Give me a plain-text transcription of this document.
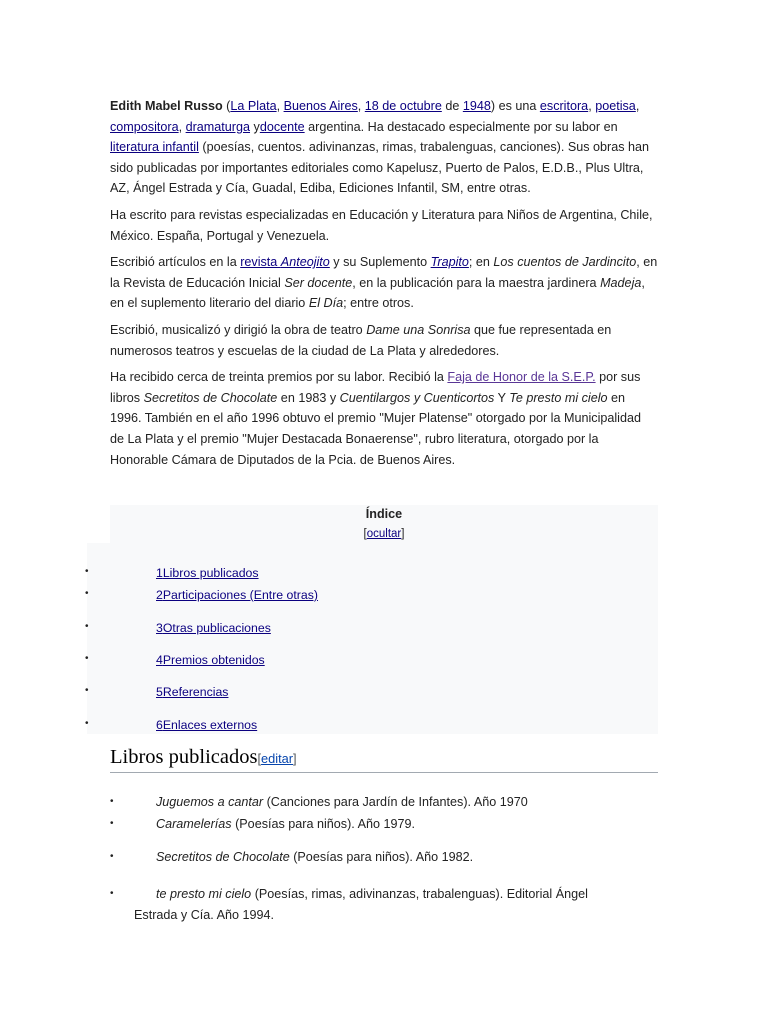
Edith Mabel Russo (La Plata, Buenos Aires, 18 de octubre de 1948) es una escritora, poetisa, compositora, dramaturga ydocente argentina. Ha destacado especialmente por su labor en literatura infantil (poesías, cuentos. adivinanzas, rimas, trabalenguas, canciones). Sus obras han sido publicadas por importantes editoriales como Kapelusz, Puerto de Palos, E.D.B., Plus Ultra, AZ, Ángel Estrada y Cía, Guadal, Ediba, Ediciones Infantil, SM, entre otras.

Ha escrito para revistas especializadas en Educación y Literatura para Niños de Argentina, Chile, México. España, Portugal y Venezuela.

Escribió artículos en la revista Anteojito y su Suplemento Trapito; en Los cuentos de Jardincito, en la Revista de Educación Inicial Ser docente, en la publicación para la maestra jardinera Madeja, en el suplemento literario del diario El Día; entre otros.

Escribió, musicalizó y dirigió la obra de teatro Dame una Sonrisa que fue representada en numerosos teatros y escuelas de la ciudad de La Plata y alrededores.

Ha recibido cerca de treinta premios por su labor. Recibió la Faja de Honor de la S.E.P. por sus libros Secretitos de Chocolate en 1983 y Cuentilargos y Cuenticortos Y Te presto mi cielo en 1996. También en el año 1996 obtuvo el premio "Mujer Platense" otorgado por la Municipalidad de La Plata y el premio "Mujer Destacada Bonaerense", rubro literatura, otorgado por la Honorable Cámara de Diputados de la Pcia. de Buenos Aires.

Índice
[ocultar]
•	1Libros publicados
•	2Participaciones (Entre otras)
•	3Otras publicaciones
•	4Premios obtenidos
•	5Referencias
•	6Enlaces externos
Libros publicados[editar]
•	Juguemos a cantar (Canciones para Jardín de Infantes). Año 1970
•	Caramelerías (Poesías para niños). Año 1979.
•	Secretitos de Chocolate (Poesías para niños). Año 1982.
•	te presto mi cielo (Poesías, rimas, adivinanzas, trabalenguas). Editorial Ángel
Estrada y Cía. Año 1994.
